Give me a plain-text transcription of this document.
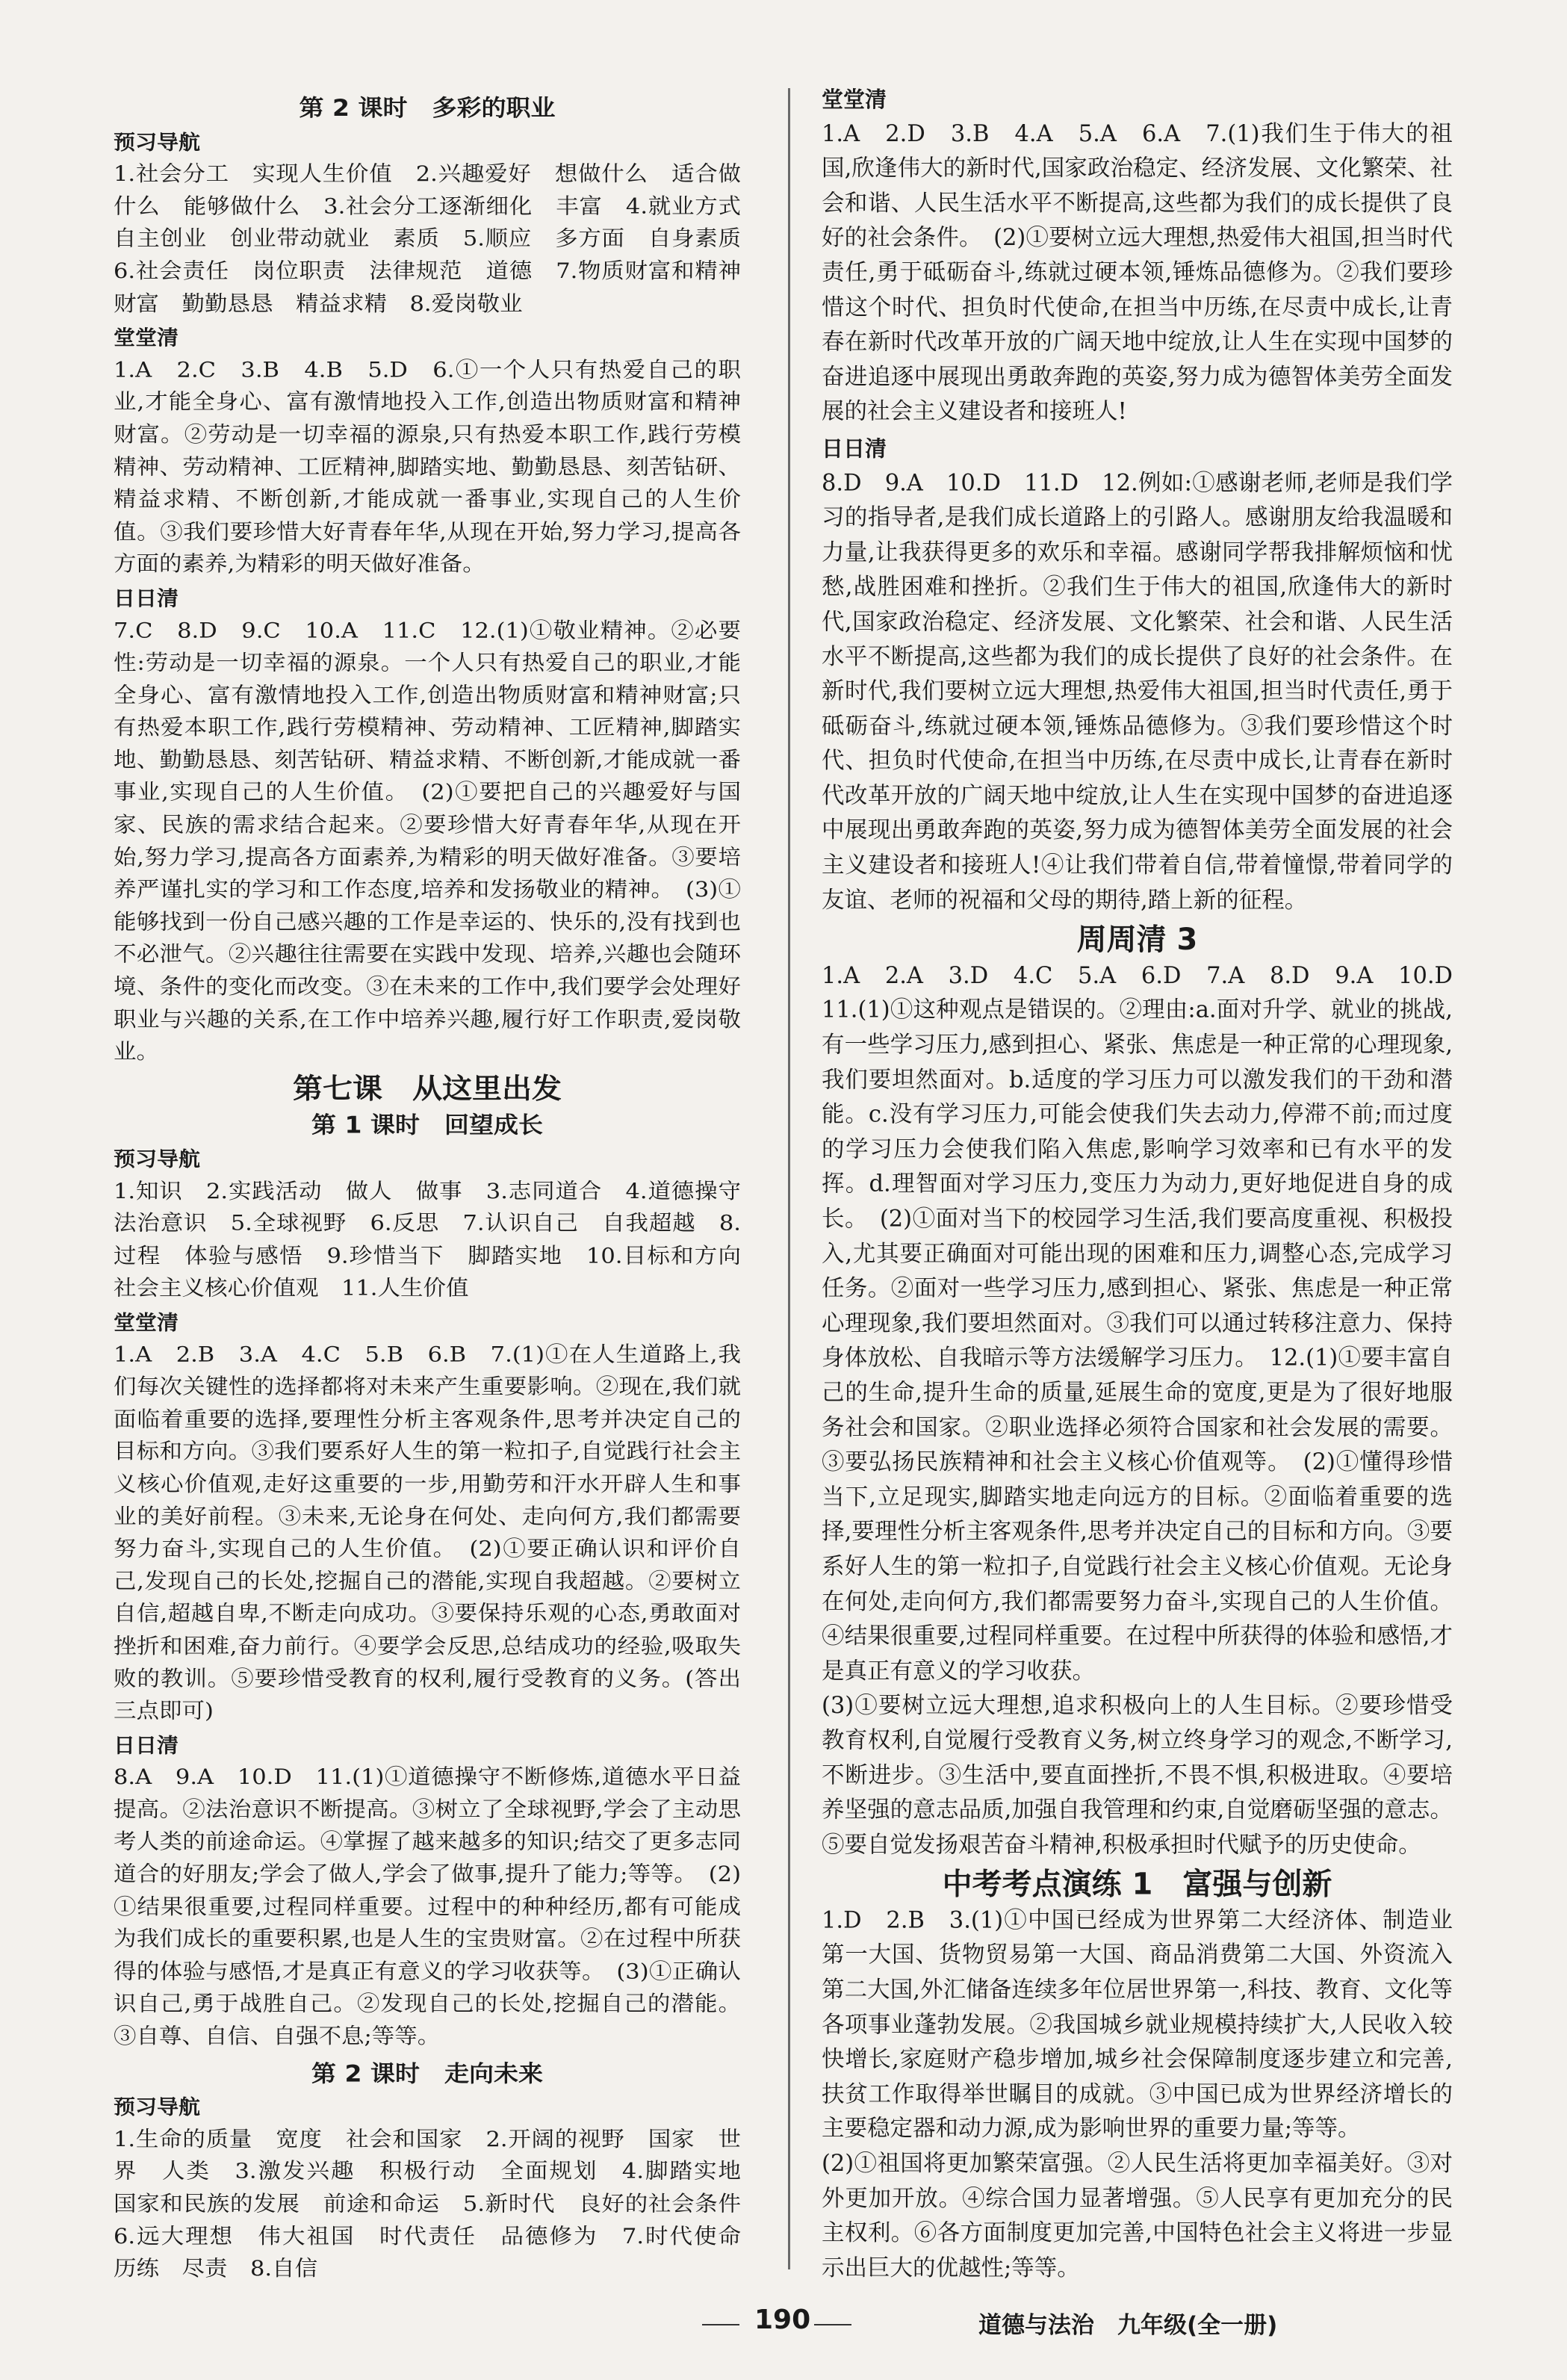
第 2 课时　多彩的职业
预习导航

1.社会分工　实现人生价值　2.兴趣爱好　想做什么　适合做什么　能够做什么　3.社会分工逐渐细化　丰富　4.就业方式　自主创业　创业带动就业　素质　5.顺应　多方面　自身素质　6.社会责任　岗位职责　法律规范　道德　7.物质财富和精神财富　勤勤恳恳　精益求精　8.爱岗敬业

堂堂清

1.A　2.C　3.B　4.B　5.D　6.①一个人只有热爱自己的职业,才能全身心、富有激情地投入工作,创造出物质财富和精神财富。②劳动是一切幸福的源泉,只有热爱本职工作,践行劳模精神、劳动精神、工匠精神,脚踏实地、勤勤恳恳、刻苦钻研、精益求精、不断创新,才能成就一番事业,实现自己的人生价值。③我们要珍惜大好青春年华,从现在开始,努力学习,提高各方面的素养,为精彩的明天做好准备。

日日清

7.C　8.D　9.C　10.A　11.C　12.(1)①敬业精神。②必要性:劳动是一切幸福的源泉。一个人只有热爱自己的职业,才能全身心、富有激情地投入工作,创造出物质财富和精神财富;只有热爱本职工作,践行劳模精神、劳动精神、工匠精神,脚踏实地、勤勤恳恳、刻苦钻研、精益求精、不断创新,才能成就一番事业,实现自己的人生价值。　(2)①要把自己的兴趣爱好与国家、民族的需求结合起来。②要珍惜大好青春年华,从现在开始,努力学习,提高各方面素养,为精彩的明天做好准备。③要培养严谨扎实的学习和工作态度,培养和发扬敬业的精神。　(3)①能够找到一份自己感兴趣的工作是幸运的、快乐的,没有找到也不必泄气。②兴趣往往需要在实践中发现、培养,兴趣也会随环境、条件的变化而改变。③在未来的工作中,我们要学会处理好职业与兴趣的关系,在工作中培养兴趣,履行好工作职责,爱岗敬业。

第七课　从这里出发
第 1 课时　回望成长
预习导航

1.知识　2.实践活动　做人　做事　3.志同道合　4.道德操守　法治意识　5.全球视野　6.反思　7.认识自己　自我超越　8.过程　体验与感悟　9.珍惜当下　脚踏实地　10.目标和方向　社会主义核心价值观　11.人生价值

堂堂清

1.A　2.B　3.A　4.C　5.B　6.B　7.(1)①在人生道路上,我们每次关键性的选择都将对未来产生重要影响。②现在,我们就面临着重要的选择,要理性分析主客观条件,思考并决定自己的目标和方向。③我们要系好人生的第一粒扣子,自觉践行社会主义核心价值观,走好这重要的一步,用勤劳和汗水开辟人生和事业的美好前程。③未来,无论身在何处、走向何方,我们都需要努力奋斗,实现自己的人生价值。　(2)①要正确认识和评价自己,发现自己的长处,挖掘自己的潜能,实现自我超越。②要树立自信,超越自卑,不断走向成功。③要保持乐观的心态,勇敢面对挫折和困难,奋力前行。④要学会反思,总结成功的经验,吸取失败的教训。⑤要珍惜受教育的权利,履行受教育的义务。(答出三点即可)

日日清

8.A　9.A　10.D　11.(1)①道德操守不断修炼,道德水平日益提高。②法治意识不断提高。③树立了全球视野,学会了主动思考人类的前途命运。④掌握了越来越多的知识;结交了更多志同道合的好朋友;学会了做人,学会了做事,提升了能力;等等。　(2)①结果很重要,过程同样重要。过程中的种种经历,都有可能成为我们成长的重要积累,也是人生的宝贵财富。②在过程中所获得的体验与感悟,才是真正有意义的学习收获等。　(3)①正确认识自己,勇于战胜自己。②发现自己的长处,挖掘自己的潜能。③自尊、自信、自强不息;等等。

第 2 课时　走向未来
预习导航

1.生命的质量　宽度　社会和国家　2.开阔的视野　国家　世界　人类　3.激发兴趣　积极行动　全面规划　4.脚踏实地　国家和民族的发展　前途和命运　5.新时代　良好的社会条件　6.远大理想　伟大祖国　时代责任　品德修为　7.时代使命　历练　尽责　8.自信

堂堂清

1.A　2.D　3.B　4.A　5.A　6.A　7.(1)我们生于伟大的祖国,欣逢伟大的新时代,国家政治稳定、经济发展、文化繁荣、社会和谐、人民生活水平不断提高,这些都为我们的成长提供了良好的社会条件。　(2)①要树立远大理想,热爱伟大祖国,担当时代责任,勇于砥砺奋斗,练就过硬本领,锤炼品德修为。②我们要珍惜这个时代、担负时代使命,在担当中历练,在尽责中成长,让青春在新时代改革开放的广阔天地中绽放,让人生在实现中国梦的奋进追逐中展现出勇敢奔跑的英姿,努力成为德智体美劳全面发展的社会主义建设者和接班人!

日日清

8.D　9.A　10.D　11.D　12.例如:①感谢老师,老师是我们学习的指导者,是我们成长道路上的引路人。感谢朋友给我温暖和力量,让我获得更多的欢乐和幸福。感谢同学帮我排解烦恼和忧愁,战胜困难和挫折。②我们生于伟大的祖国,欣逢伟大的新时代,国家政治稳定、经济发展、文化繁荣、社会和谐、人民生活水平不断提高,这些都为我们的成长提供了良好的社会条件。在新时代,我们要树立远大理想,热爱伟大祖国,担当时代责任,勇于砥砺奋斗,练就过硬本领,锤炼品德修为。③我们要珍惜这个时代、担负时代使命,在担当中历练,在尽责中成长,让青春在新时代改革开放的广阔天地中绽放,让人生在实现中国梦的奋进追逐中展现出勇敢奔跑的英姿,努力成为德智体美劳全面发展的社会主义建设者和接班人!④让我们带着自信,带着憧憬,带着同学的友谊、老师的祝福和父母的期待,踏上新的征程。

周周清 3

1.A　2.A　3.D　4.C　5.A　6.D　7.A　8.D　9.A　10.D　11.(1)①这种观点是错误的。②理由:a.面对升学、就业的挑战,有一些学习压力,感到担心、紧张、焦虑是一种正常的心理现象,我们要坦然面对。b.适度的学习压力可以激发我们的干劲和潜能。c.没有学习压力,可能会使我们失去动力,停滞不前;而过度的学习压力会使我们陷入焦虑,影响学习效率和已有水平的发挥。d.理智面对学习压力,变压力为动力,更好地促进自身的成长。　(2)①面对当下的校园学习生活,我们要高度重视、积极投入,尤其要正确面对可能出现的困难和压力,调整心态,完成学习任务。②面对一些学习压力,感到担心、紧张、焦虑是一种正常心理现象,我们要坦然面对。③我们可以通过转移注意力、保持身体放松、自我暗示等方法缓解学习压力。　12.(1)①要丰富自己的生命,提升生命的质量,延展生命的宽度,更是为了很好地服务社会和国家。②职业选择必须符合国家和社会发展的需要。③要弘扬民族精神和社会主义核心价值观等。　(2)①懂得珍惜当下,立足现实,脚踏实地走向远方的目标。②面临着重要的选择,要理性分析主客观条件,思考并决定自己的目标和方向。③要系好人生的第一粒扣子,自觉践行社会主义核心价值观。无论身在何处,走向何方,我们都需要努力奋斗,实现自己的人生价值。④结果很重要,过程同样重要。在过程中所获得的体验和感悟,才是真正有意义的学习收获。

(3)①要树立远大理想,追求积极向上的人生目标。②要珍惜受教育权利,自觉履行受教育义务,树立终身学习的观念,不断学习,不断进步。③生活中,要直面挫折,不畏不惧,积极进取。④要培养坚强的意志品质,加强自我管理和约束,自觉磨砺坚强的意志。⑤要自觉发扬艰苦奋斗精神,积极承担时代赋予的历史使命。

中考考点演练 1　富强与创新

1.D　2.B　3.(1)①中国已经成为世界第二大经济体、制造业第一大国、货物贸易第一大国、商品消费第二大国、外资流入第二大国,外汇储备连续多年位居世界第一,科技、教育、文化等各项事业蓬勃发展。②我国城乡就业规模持续扩大,人民收入较快增长,家庭财产稳步增加,城乡社会保障制度逐步建立和完善,扶贫工作取得举世瞩目的成就。③中国已成为世界经济增长的主要稳定器和动力源,成为影响世界的重要力量;等等。

(2)①祖国将更加繁荣富强。②人民生活将更加幸福美好。③对外更加开放。④综合国力显著增强。⑤人民享有更加充分的民主权利。⑥各方面制度更加完善,中国特色社会主义将进一步显示出巨大的优越性;等等。

190	道德与法治　九年级(全一册)
